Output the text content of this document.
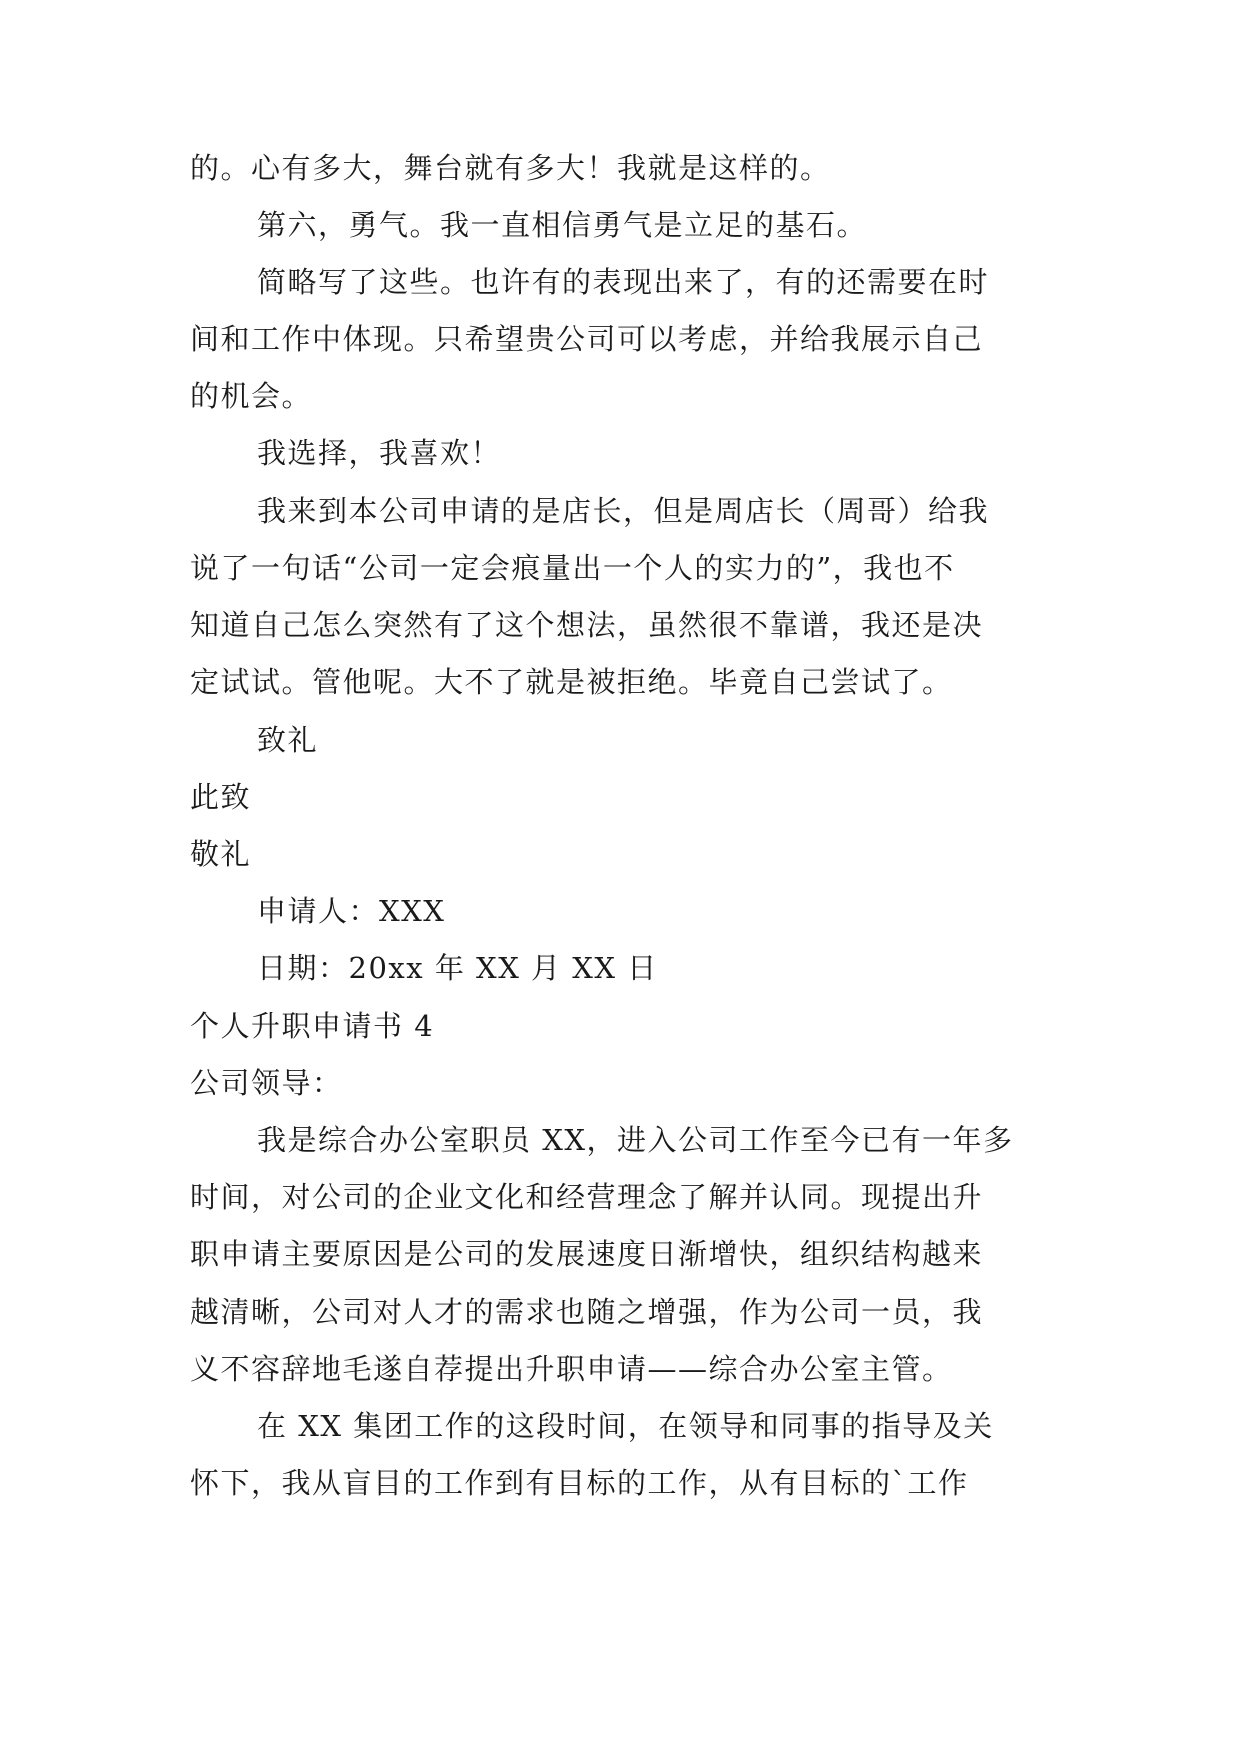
的。心有多大，舞台就有多大！我就是这样的。
第六，勇气。我一直相信勇气是立足的基石。
简略写了这些。也许有的表现出来了，有的还需要在时
间和工作中体现。只希望贵公司可以考虑，并给我展示自己
的机会。
我选择，我喜欢！
我来到本公司申请的是店长，但是周店长（周哥）给我
说了一句话“公司一定会痕量出一个人的实力的”，我也不
知道自己怎么突然有了这个想法，虽然很不靠谱，我还是决
定试试。管他呢。大不了就是被拒绝。毕竟自己尝试了。
致礼
此致
敬礼
申请人：XXX
日期：20xx 年 XX 月 XX 日
个人升职申请书 4
公司领导：
我是综合办公室职员 XX，进入公司工作至今已有一年多
时间，对公司的企业文化和经营理念了解并认同。现提出升
职申请主要原因是公司的发展速度日渐增快，组织结构越来
越清晰，公司对人才的需求也随之增强，作为公司一员，我
义不容辞地毛遂自荐提出升职申请——综合办公室主管。
在 XX 集团工作的这段时间，在领导和同事的指导及关
怀下，我从盲目的工作到有目标的工作，从有目标的`工作
